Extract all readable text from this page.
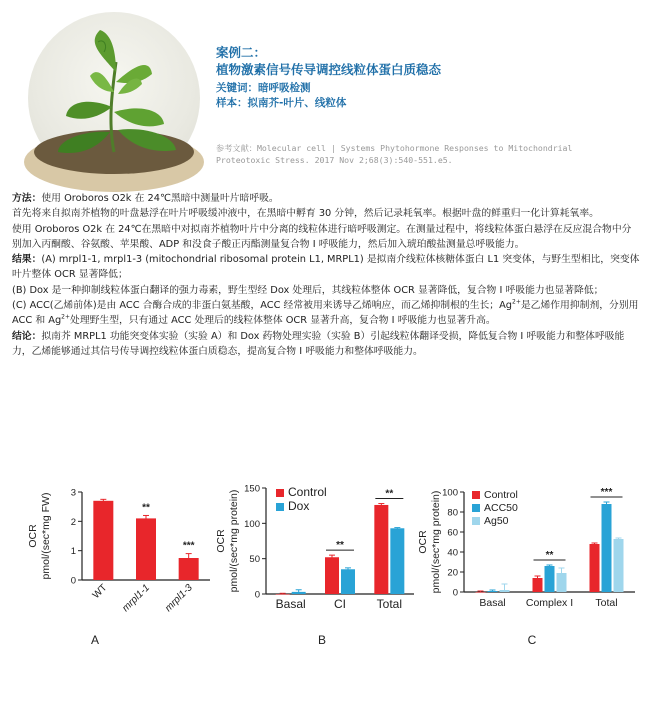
案例二：
植物激素信号传导调控线粒体蛋白质稳态
关键词：暗呼吸检测
样本：拟南芥-叶片、线粒体
参考文献：Molecular cell | Systems Phytohormone Responses to Mitochondrial
Proteotoxic Stress. 2017 Nov 2;68(3):540-551.e5.

方法：使用 Oroboros O2k 在 24℃黑暗中测量叶片暗呼吸。

首先将来自拟南芥植物的叶盘悬浮在叶片呼吸缓冲液中，在黑暗中孵育 30 分钟，然后记录耗氧率。根据叶盘的鲜重归一化计算耗氧率。

使用 Oroboros O2k 在 24℃在黑暗中对拟南芥植物叶片中分离的线粒体进行暗呼吸测定。在测量过程中，将线粒体蛋白悬浮在反应混合物中分别加入丙酮酸、谷氨酸、苹果酸、ADP 和没食子酸正丙酯测量复合物 I 呼吸能力，然后加入琥珀酸盐测量总呼吸能力。

结果：(A) mrpl1-1, mrpl1-3 (mitochondrial ribosomal protein L1, MRPL1) 是拟南介线粒体核糖体蛋白 L1 突变体，与野生型相比，突变体叶片整体 OCR 显著降低；

(B) Dox 是一种抑制线粒体蛋白翻译的强力毒素，野生型经 Dox 处理后，其线粒体整体 OCR 显著降低，复合物 I 呼吸能力也显著降低；

(C) ACC(乙烯前体)是由 ACC 合酶合成的非蛋白氨基酸，ACC 经常被用来诱导乙烯响应，而乙烯抑制根的生长；$Ag^{2+}$是乙烯作用抑制剂，分别用 ACC 和 $Ag^{2+}$处理野生型，只有通过 ACC 处理后的线粒体整体 OCR 显著升高，复合物 I 呼吸能力也显著升高。

结论：拟南芥 MRPL1 功能突变体实验（实验 A）和 Dox 药物处理实验（实验 B）引起线粒体翻译受损，降低复合物 I 呼吸能力和整体呼吸能力，乙烯能够通过其信号传导调控线粒体蛋白质稳态，提高复合物 I 呼吸能力和整体呼吸能力。

OCR pmol/(sec*mg FW)
0
1
2
3
WT
**
mrpl1-1
***
mrpl1-3
A
OCR pmol/(sec*mg protein)
0
50
100
150
Basal
**
CI
**
Total
Control
Dox
B
OCR pmol/(sec*mg protein) 0
20
40
60
80
100
Basal
**
Complex I
***
Total
Control
ACC50
Ag50
C
